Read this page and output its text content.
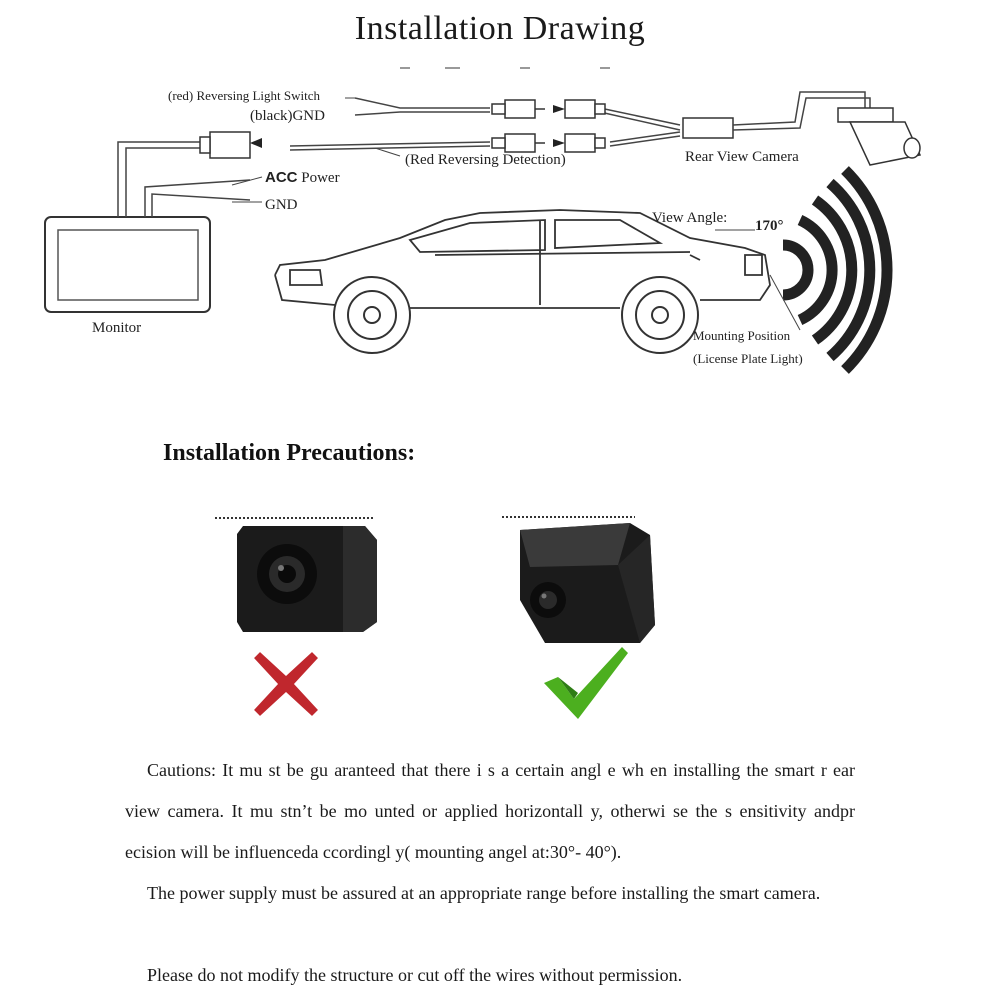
Installation Drawing
(red) Reversing Light Switch
(black)GND
(Red Reversing Detection)	Rear View Camera
ACC Power
GND
Monitor
View Angle: 170°
Mounting Position
(License Plate Light)
Installation Precautions:

Cautions: It mu st be gu aranteed that there i s a certain angl e wh en installing the smart r ear view camera. It mu stn’t be mo unted or applied horizontall y, otherwi se the s ensitivity andpr ecision will be influenceda ccordingl y( mounting angel at:30°- 40°).

The power supply must be assured at an appropriate range before installing the smart camera.

Please do not modify the structure or cut off the wires without permission.
